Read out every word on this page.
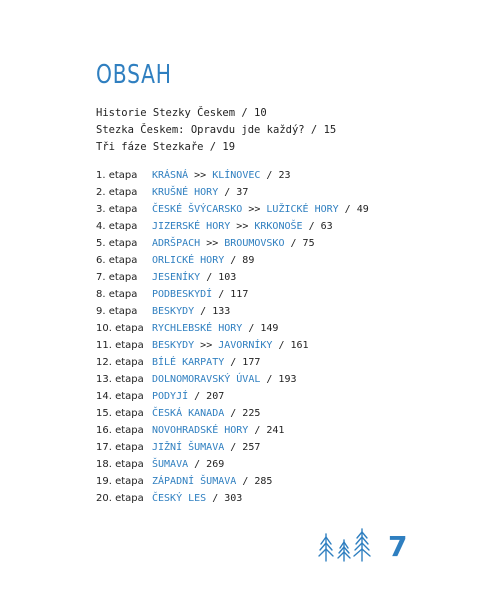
OBSAH
Historie Stezky Českem / 10
Stezka Českem: Opravdu jde každý? / 15
Tři fáze Stezkaře / 19
1. etapa KRÁSNÁ >> KLÍNOVEC / 23
2. etapa KRUŠNÉ HORY / 37
3. etapa ČESKÉ ŠVÝCARSKO >> LUŽICKÉ HORY / 49
4. etapa JIZERSKÉ HORY >> KRKONOŠE / 63
5. etapa ADRŠPACH >> BROUMOVSKO / 75
6. etapa ORLICKÉ HORY / 89
7. etapa JESENÍKY / 103
8. etapa PODBESKYDÍ / 117
9. etapa BESKYDY / 133
10. etapa RYCHLEBSKÉ HORY / 149
11. etapa BESKYDY >> JAVORNÍKY / 161
12. etapa BÍLÉ KARPATY / 177
13. etapa DOLNOMORAVSKÝ ÚVAL / 193
14. etapa PODYJÍ / 207
15. etapa ČESKÁ KANADA / 225
16. etapa NOVOHRADSKÉ HORY / 241
17. etapa JIŽNÍ ŠUMAVA / 257
18. etapa ŠUMAVA / 269
19. etapa ZÁPADNÍ ŠUMAVA / 285
20. etapa ČESKÝ LES / 303
7
